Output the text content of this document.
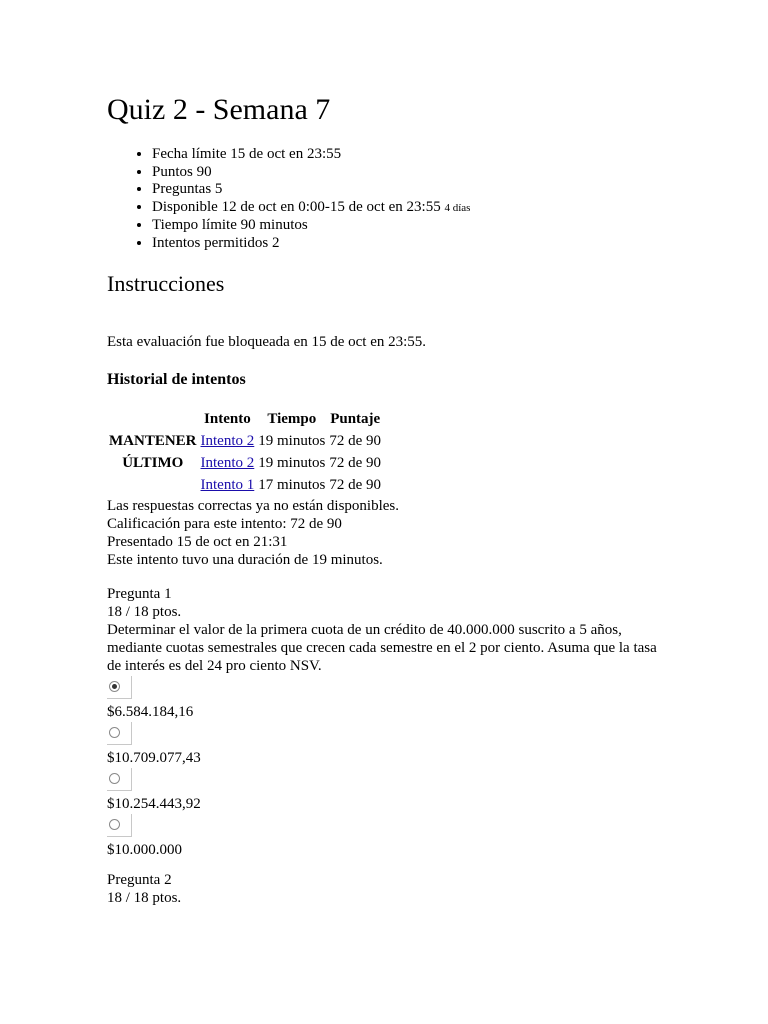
Quiz 2 - Semana 7
• Fecha límite 15 de oct en 23:55
• Puntos 90
• Preguntas 5
• Disponible 12 de oct en 0:00-15 de oct en 23:55 4 días
• Tiempo límite 90 minutos
• Intentos permitidos 2
Instrucciones
Esta evaluación fue bloqueada en 15 de oct en 23:55.
Historial de intentos
	Intento	Tiempo	Puntaje
MANTENER	Intento 2	19 minutos	72 de 90
ÚLTIMO	Intento 2	19 minutos	72 de 90
	Intento 1	17 minutos	72 de 90
Las respuestas correctas ya no están disponibles.
Calificación para este intento: 72 de 90
Presentado 15 de oct en 21:31
Este intento tuvo una duración de 19 minutos.
Pregunta 1
18 / 18 ptos.
Determinar el valor de la primera cuota de un crédito de 40.000.000 suscrito a 5 años, mediante cuotas semestrales que crecen cada semestre en el 2 por ciento. Asuma que la tasa de interés es del 24 pro ciento NSV.
$6.584.184,16
$10.709.077,43
$10.254.443,92
$10.000.000
Pregunta 2
18 / 18 ptos.
